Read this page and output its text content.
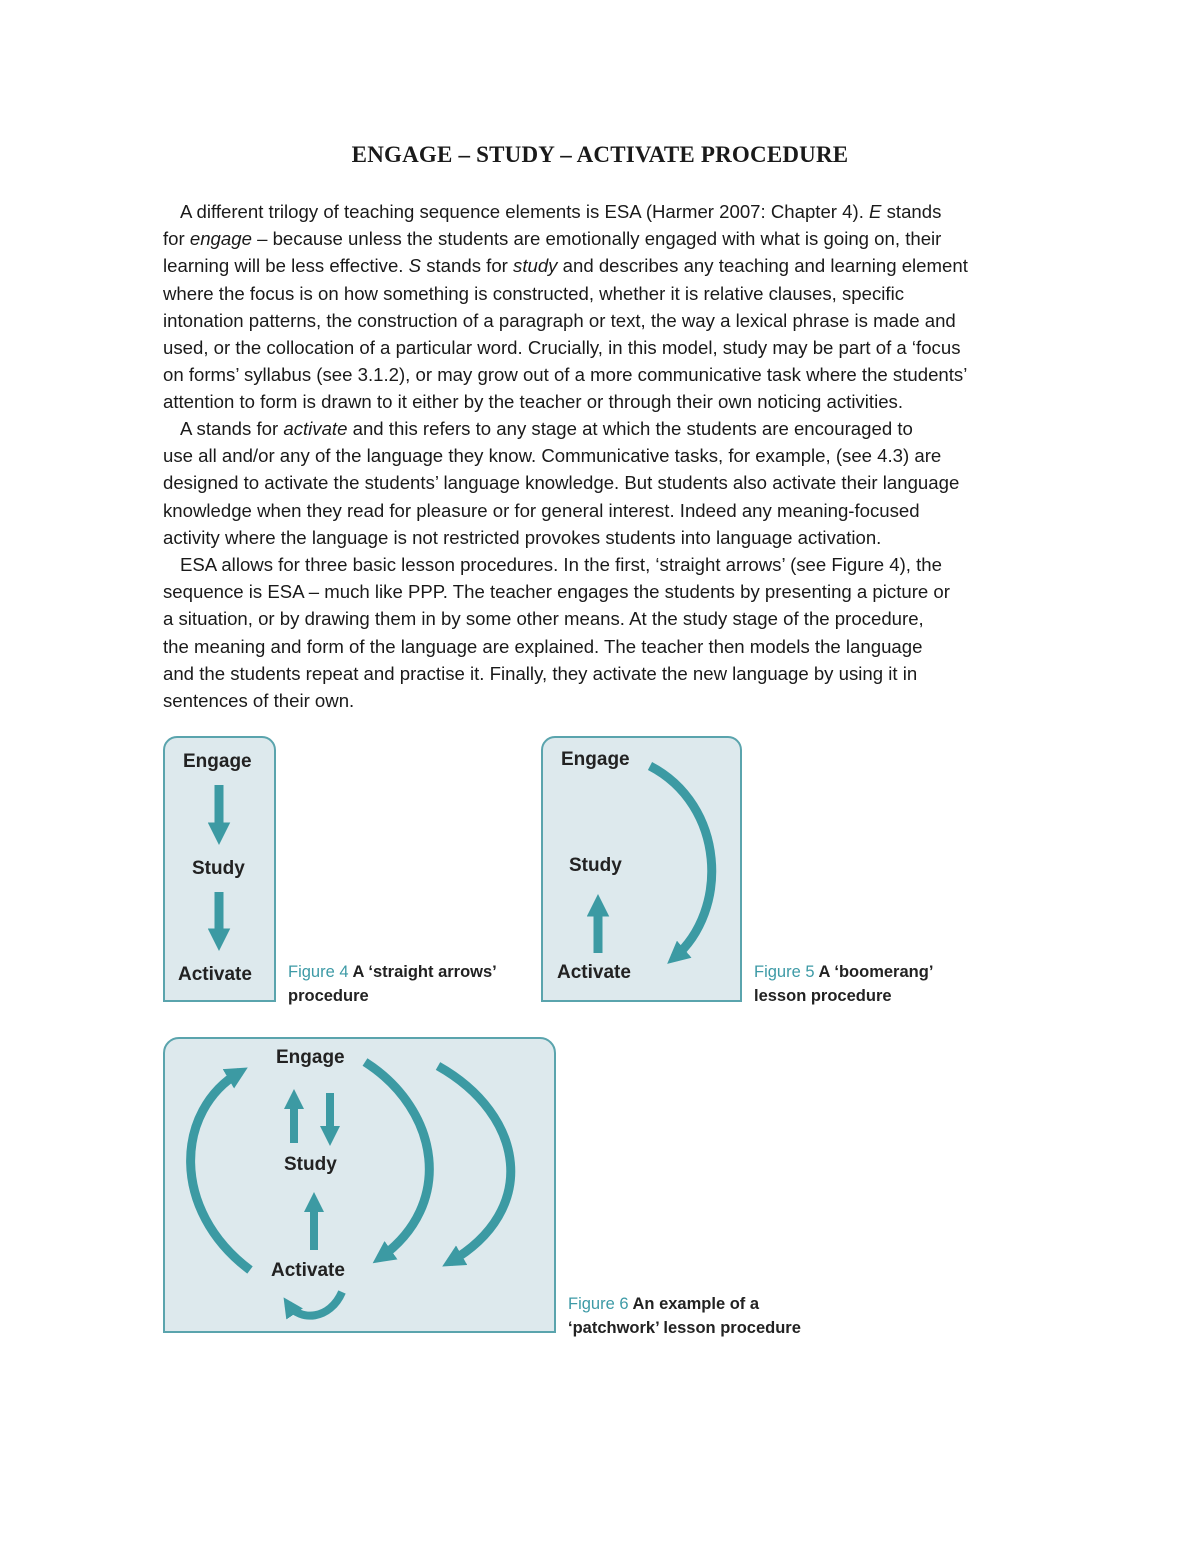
ENGAGE – STUDY – ACTIVATE PROCEDURE
A different trilogy of teaching sequence elements is ESA (Harmer 2007: Chapter 4). E stands
for engage – because unless the students are emotionally engaged with what is going on, their
learning will be less effective. S stands for study and describes any teaching and learning element
where the focus is on how something is constructed, whether it is relative clauses, specific
intonation patterns, the construction of a paragraph or text, the way a lexical phrase is made and
used, or the collocation of a particular word. Crucially, in this model, study may be part of a ‘focus
on forms’ syllabus (see 3.1.2), or may grow out of a more communicative task where the students’
attention to form is drawn to it either by the teacher or through their own noticing activities.
A stands for activate and this refers to any stage at which the students are encouraged to
use all and/or any of the language they know. Communicative tasks, for example, (see 4.3) are
designed to activate the students’ language knowledge. But students also activate their language
knowledge when they read for pleasure or for general interest. Indeed any meaning-focused
activity where the language is not restricted provokes students into language activation.
ESA allows for three basic lesson procedures. In the first, ‘straight arrows’ (see Figure 4), the
sequence is ESA – much like PPP. The teacher engages the students by presenting a picture or
a situation, or by drawing them in by some other means. At the study stage of the procedure,
the meaning and form of the language are explained. The teacher then models the language
and the students repeat and practise it. Finally, they activate the new language by using it in
sentences of their own.
Engage
Study
Activate Figure 4 A ‘straight arrows’
procedure
Engage
Study
Activate	Figure 5 A ‘boomerang’
lesson procedure
Engage
Study
Activate
Figure 6 An example of a
‘patchwork’ lesson procedure
